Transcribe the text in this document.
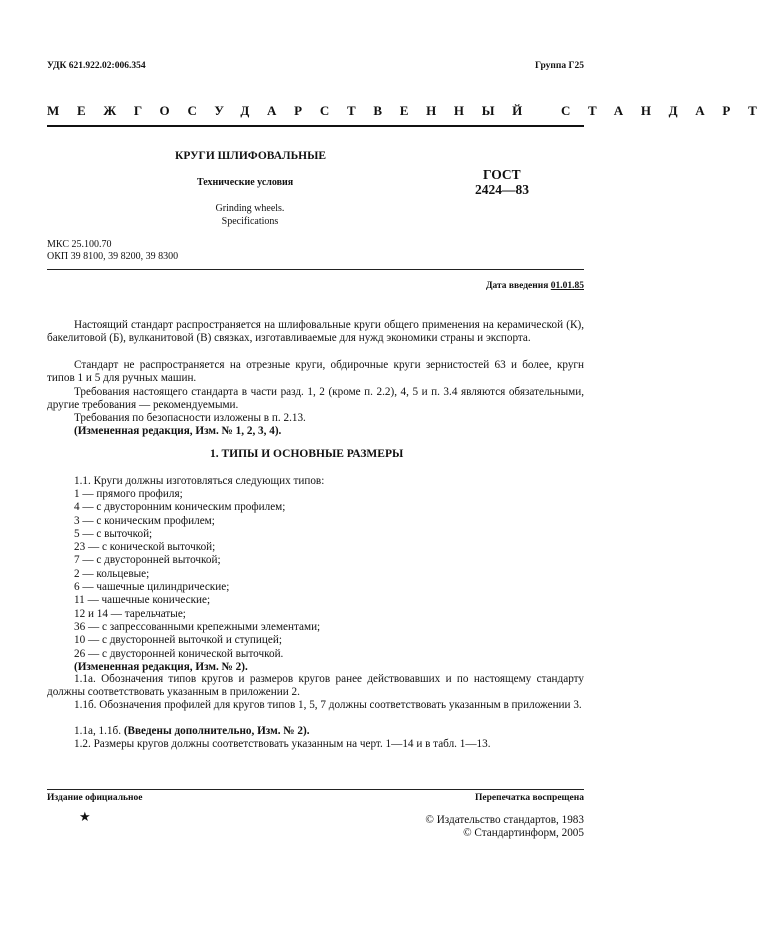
УДК 621.922.02:006.354	Группа Г25
МЕЖГОСУДАРСТВЕННЫЙ СТАНДАРТ
КРУГИ ШЛИФОВАЛЬНЫЕ
Технические условия
Grinding wheels.
Specifications
ГОСТ
2424—83
МКС 25.100.70
ОКП 39 8100, 39 8200, 39 8300
Дата введения 01.01.85
Настоящий стандарт распространяется на шлифовальные круги общего применения на керамической (К), бакелитовой (Б), вулканитовой (В) связках, изготавливаемые для нужд экономики страны и экспорта.
Стандарт не распространяется на отрезные круги, обдирочные круги зернистостей 63 и более, кругн типов 1 и 5 для ручных машин.
Требования настоящего стандарта в части разд. 1, 2 (кроме п. 2.2), 4, 5 и п. 3.4 являются обязательными, другие требования — рекомендуемыми.
Требования по безопасности изложены в п. 2.13.
(Измененная редакция, Изм. № 1, 2, 3, 4).
1. ТИПЫ И ОСНОВНЫЕ РАЗМЕРЫ
1.1. Круги должны изготовляться следующих типов:
1 — прямого профиля;
4 — с двусторонним коническим профилем;
3 — с коническим профилем;
5 — с выточкой;
23 — с конической выточкой;
7 — с двусторонней выточкой;
2 — кольцевые;
6 — чашечные цилиндрические;
11 — чашечные конические;
12 и 14 — тарельчатые;
36 — с запрессованными крепежными элементами;
10 — с двусторонней выточкой и ступицей;
26 — с двусторонней конической выточкой.
(Измененная редакция, Изм. № 2).
1.1а. Обозначения типов кругов и размеров кругов ранее действовавших и по настоящему стандарту должны соответствовать указанным в приложении 2.
1.1б. Обозначения профилей для кругов типов 1, 5, 7 должны соответствовать указанным в приложении 3.
1.1а, 1.1б. (Введены дополнительно, Изм. № 2).
1.2. Размеры кругов должны соответствовать указанным на черт. 1—14 и в табл. 1—13.
Издание официальное	Перепечатка воспрещена
★	© Издательство стандартов, 1983
© Стандартинформ, 2005
